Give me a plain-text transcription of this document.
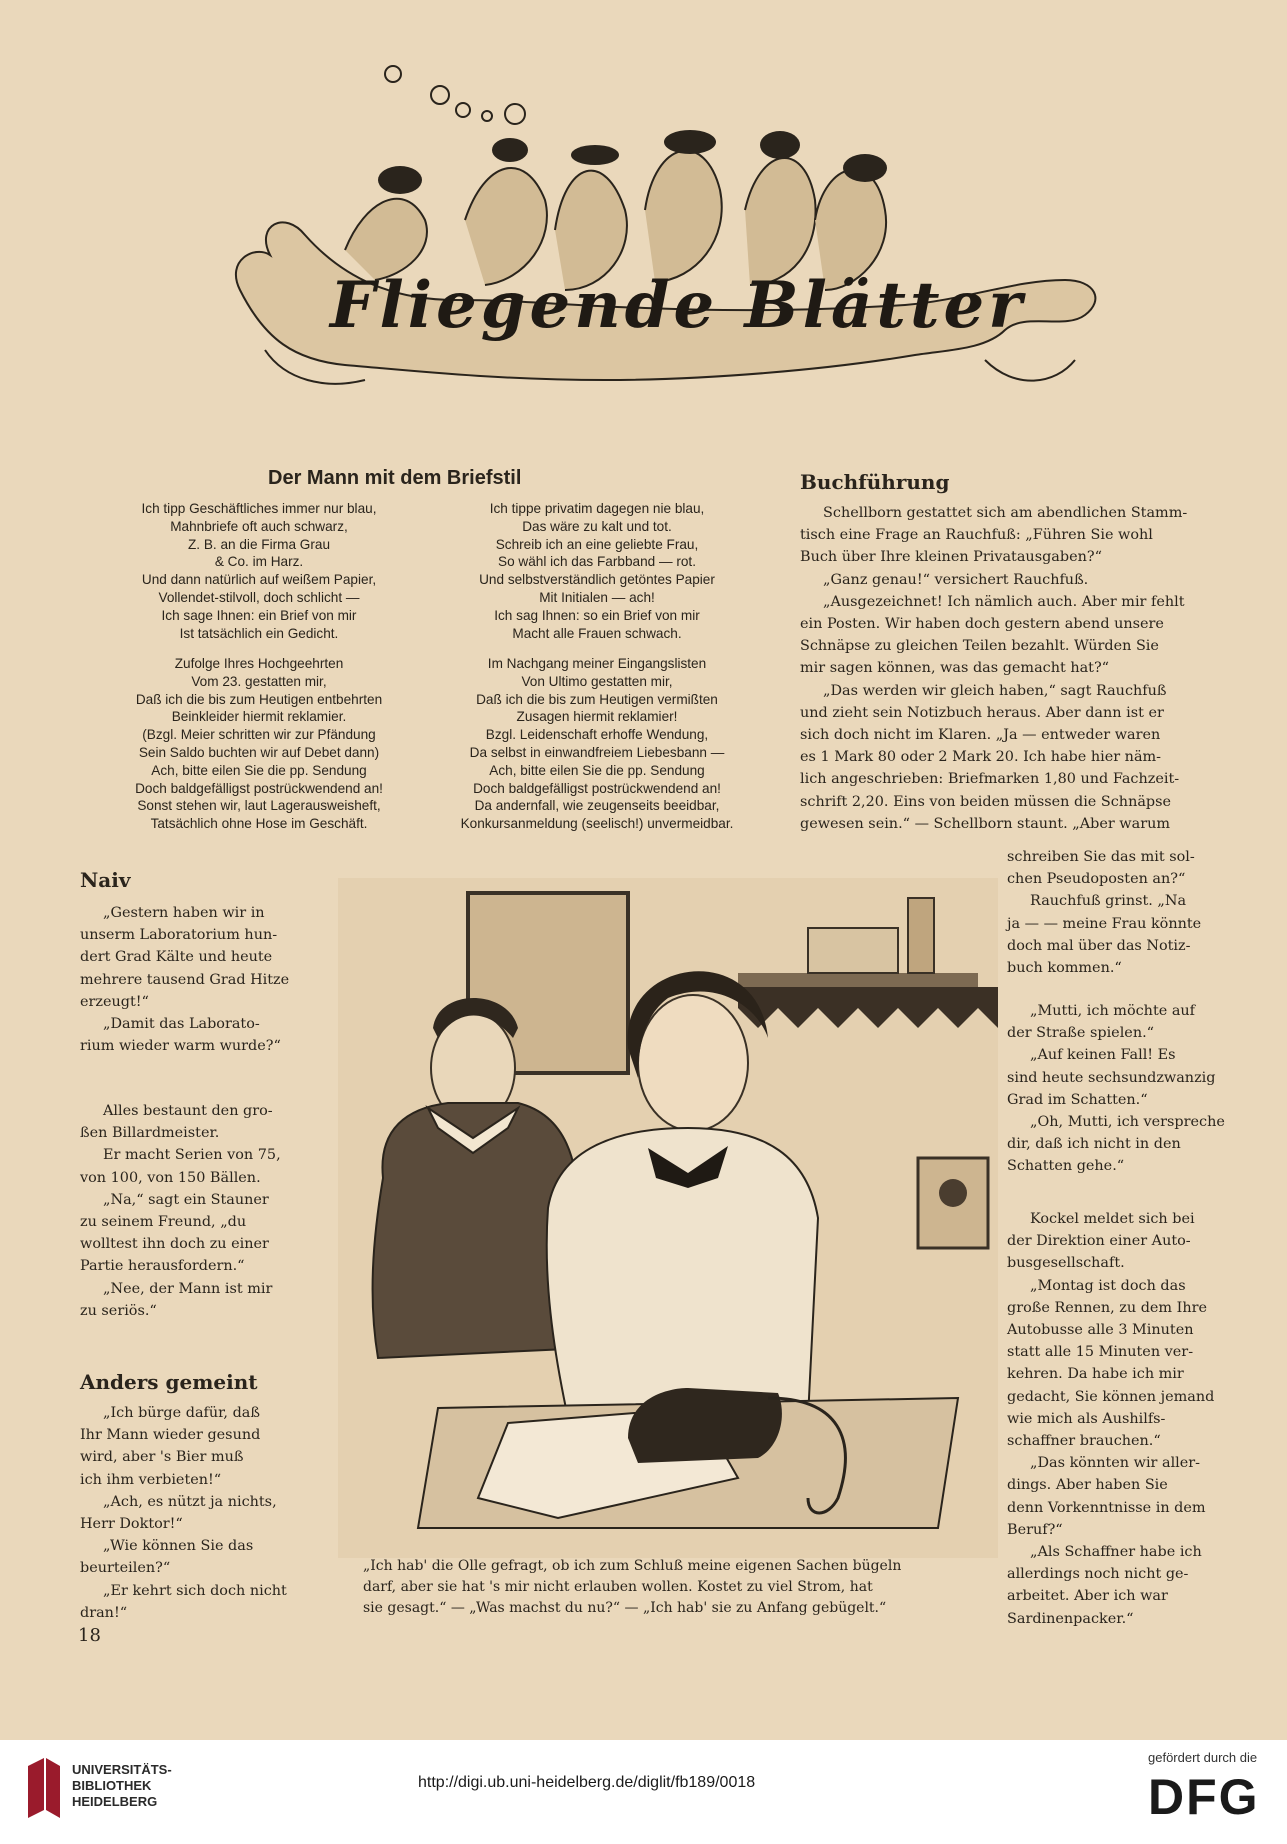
Fliegende Blätter
Der Mann mit dem Briefstil
Ich tipp Geschäftliches immer nur blau,
Mahnbriefe oft auch schwarz,
Z. B. an die Firma Grau
& Co. im Harz.
Und dann natürlich auf weißem Papier,
Vollendet-stilvoll, doch schlicht —
Ich sage Ihnen: ein Brief von mir
Ist tatsächlich ein Gedicht.
Zufolge Ihres Hochgeehrten
Vom 23. gestatten mir,
Daß ich die bis zum Heutigen entbehrten
Beinkleider hiermit reklamier.
(Bzgl. Meier schritten wir zur Pfändung
Sein Saldo buchten wir auf Debet dann)
Ach, bitte eilen Sie die pp. Sendung
Doch baldgefälligst postrückwendend an!
Sonst stehen wir, laut Lagerausweisheft,
Tatsächlich ohne Hose im Geschäft.
Ich tippe privatim dagegen nie blau,
Das wäre zu kalt und tot.
Schreib ich an eine geliebte Frau,
So wähl ich das Farbband — rot.
Und selbstverständlich getöntes Papier
Mit Initialen — ach!
Ich sag Ihnen: so ein Brief von mir
Macht alle Frauen schwach.
Im Nachgang meiner Eingangslisten
Von Ultimo gestatten mir,
Daß ich die bis zum Heutigen vermißten
Zusagen hiermit reklamier!
Bzgl. Leidenschaft erhoffe Wendung,
Da selbst in einwandfreiem Liebesbann —
Ach, bitte eilen Sie die pp. Sendung
Doch baldgefälligst postrückwendend an!
Da andernfall, wie zeugenseits beeidbar,
Konkursanmeldung (seelisch!) unvermeidbar.
Buchführung

Schellborn gestattet sich am abendlichen Stamm-
tisch eine Frage an Rauchfuß: „Führen Sie wohl
Buch über Ihre kleinen Privatausgaben?“

„Ganz genau!“ versichert Rauchfuß.

„Ausgezeichnet! Ich nämlich auch. Aber mir fehlt
ein Posten. Wir haben doch gestern abend unsere
Schnäpse zu gleichen Teilen bezahlt. Würden Sie
mir sagen können, was das gemacht hat?“

„Das werden wir gleich haben,“ sagt Rauchfuß
und zieht sein Notizbuch heraus. Aber dann ist er
sich doch nicht im Klaren. „Ja — entweder waren
es 1 Mark 80 oder 2 Mark 20. Ich habe hier näm-
lich angeschrieben: Briefmarken 1,80 und Fachzeit-
schrift 2,20. Eins von beiden müssen die Schnäpse
gewesen sein.“ — Schellborn staunt. „Aber warum

schreiben Sie das mit sol-
chen Pseudoposten an?“
Rauchfuß grinst. „Na
ja — — meine Frau könnte
doch mal über das Notiz-
buch kommen.“

„Mutti, ich möchte auf
der Straße spielen.“

„Auf keinen Fall! Es
sind heute sechsundzwanzig
Grad im Schatten.“

„Oh, Mutti, ich verspreche
dir, daß ich nicht in den
Schatten gehe.“

Kockel meldet sich bei
der Direktion einer Auto-
busgesellschaft.

„Montag ist doch das
große Rennen, zu dem Ihre
Autobusse alle 3 Minuten
statt alle 15 Minuten ver-
kehren. Da habe ich mir
gedacht, Sie können jemand
wie mich als Aushilfs-
schaffner brauchen.“

„Das könnten wir aller-
dings. Aber haben Sie
denn Vorkenntnisse in dem
Beruf?“

„Als Schaffner habe ich
allerdings noch nicht ge-
arbeitet. Aber ich war
Sardinenpacker.“

Naiv

„Gestern haben wir in
unserm Laboratorium hun-
dert Grad Kälte und heute
mehrere tausend Grad Hitze
erzeugt!“

„Damit das Laborato-
rium wieder warm wurde?“

Alles bestaunt den gro-
ßen Billardmeister.

Er macht Serien von 75,
von 100, von 150 Bällen.

„Na,“ sagt ein Stauner
zu seinem Freund, „du
wolltest ihn doch zu einer
Partie herausfordern.“

„Nee, der Mann ist mir
zu seriös.“

Anders gemeint

„Ich bürge dafür, daß
Ihr Mann wieder gesund
wird, aber 's Bier muß
ich ihm verbieten!“

„Ach, es nützt ja nichts,
Herr Doktor!“

„Wie können Sie das
beurteilen?“

„Er kehrt sich doch nicht
dran!“

„Ich hab' die Olle gefragt, ob ich zum Schluß meine eigenen Sachen bügeln
darf, aber sie hat 's mir nicht erlauben wollen. Kostet zu viel Strom, hat
sie gesagt.“ — „Was machst du nu?“ — „Ich hab' sie zu Anfang gebügelt.“
18
UNIVERSITÄTS-
BIBLIOTHEK
HEIDELBERG
http://digi.ub.uni-heidelberg.de/diglit/fb189/0018
gefördert durch die
DFG
